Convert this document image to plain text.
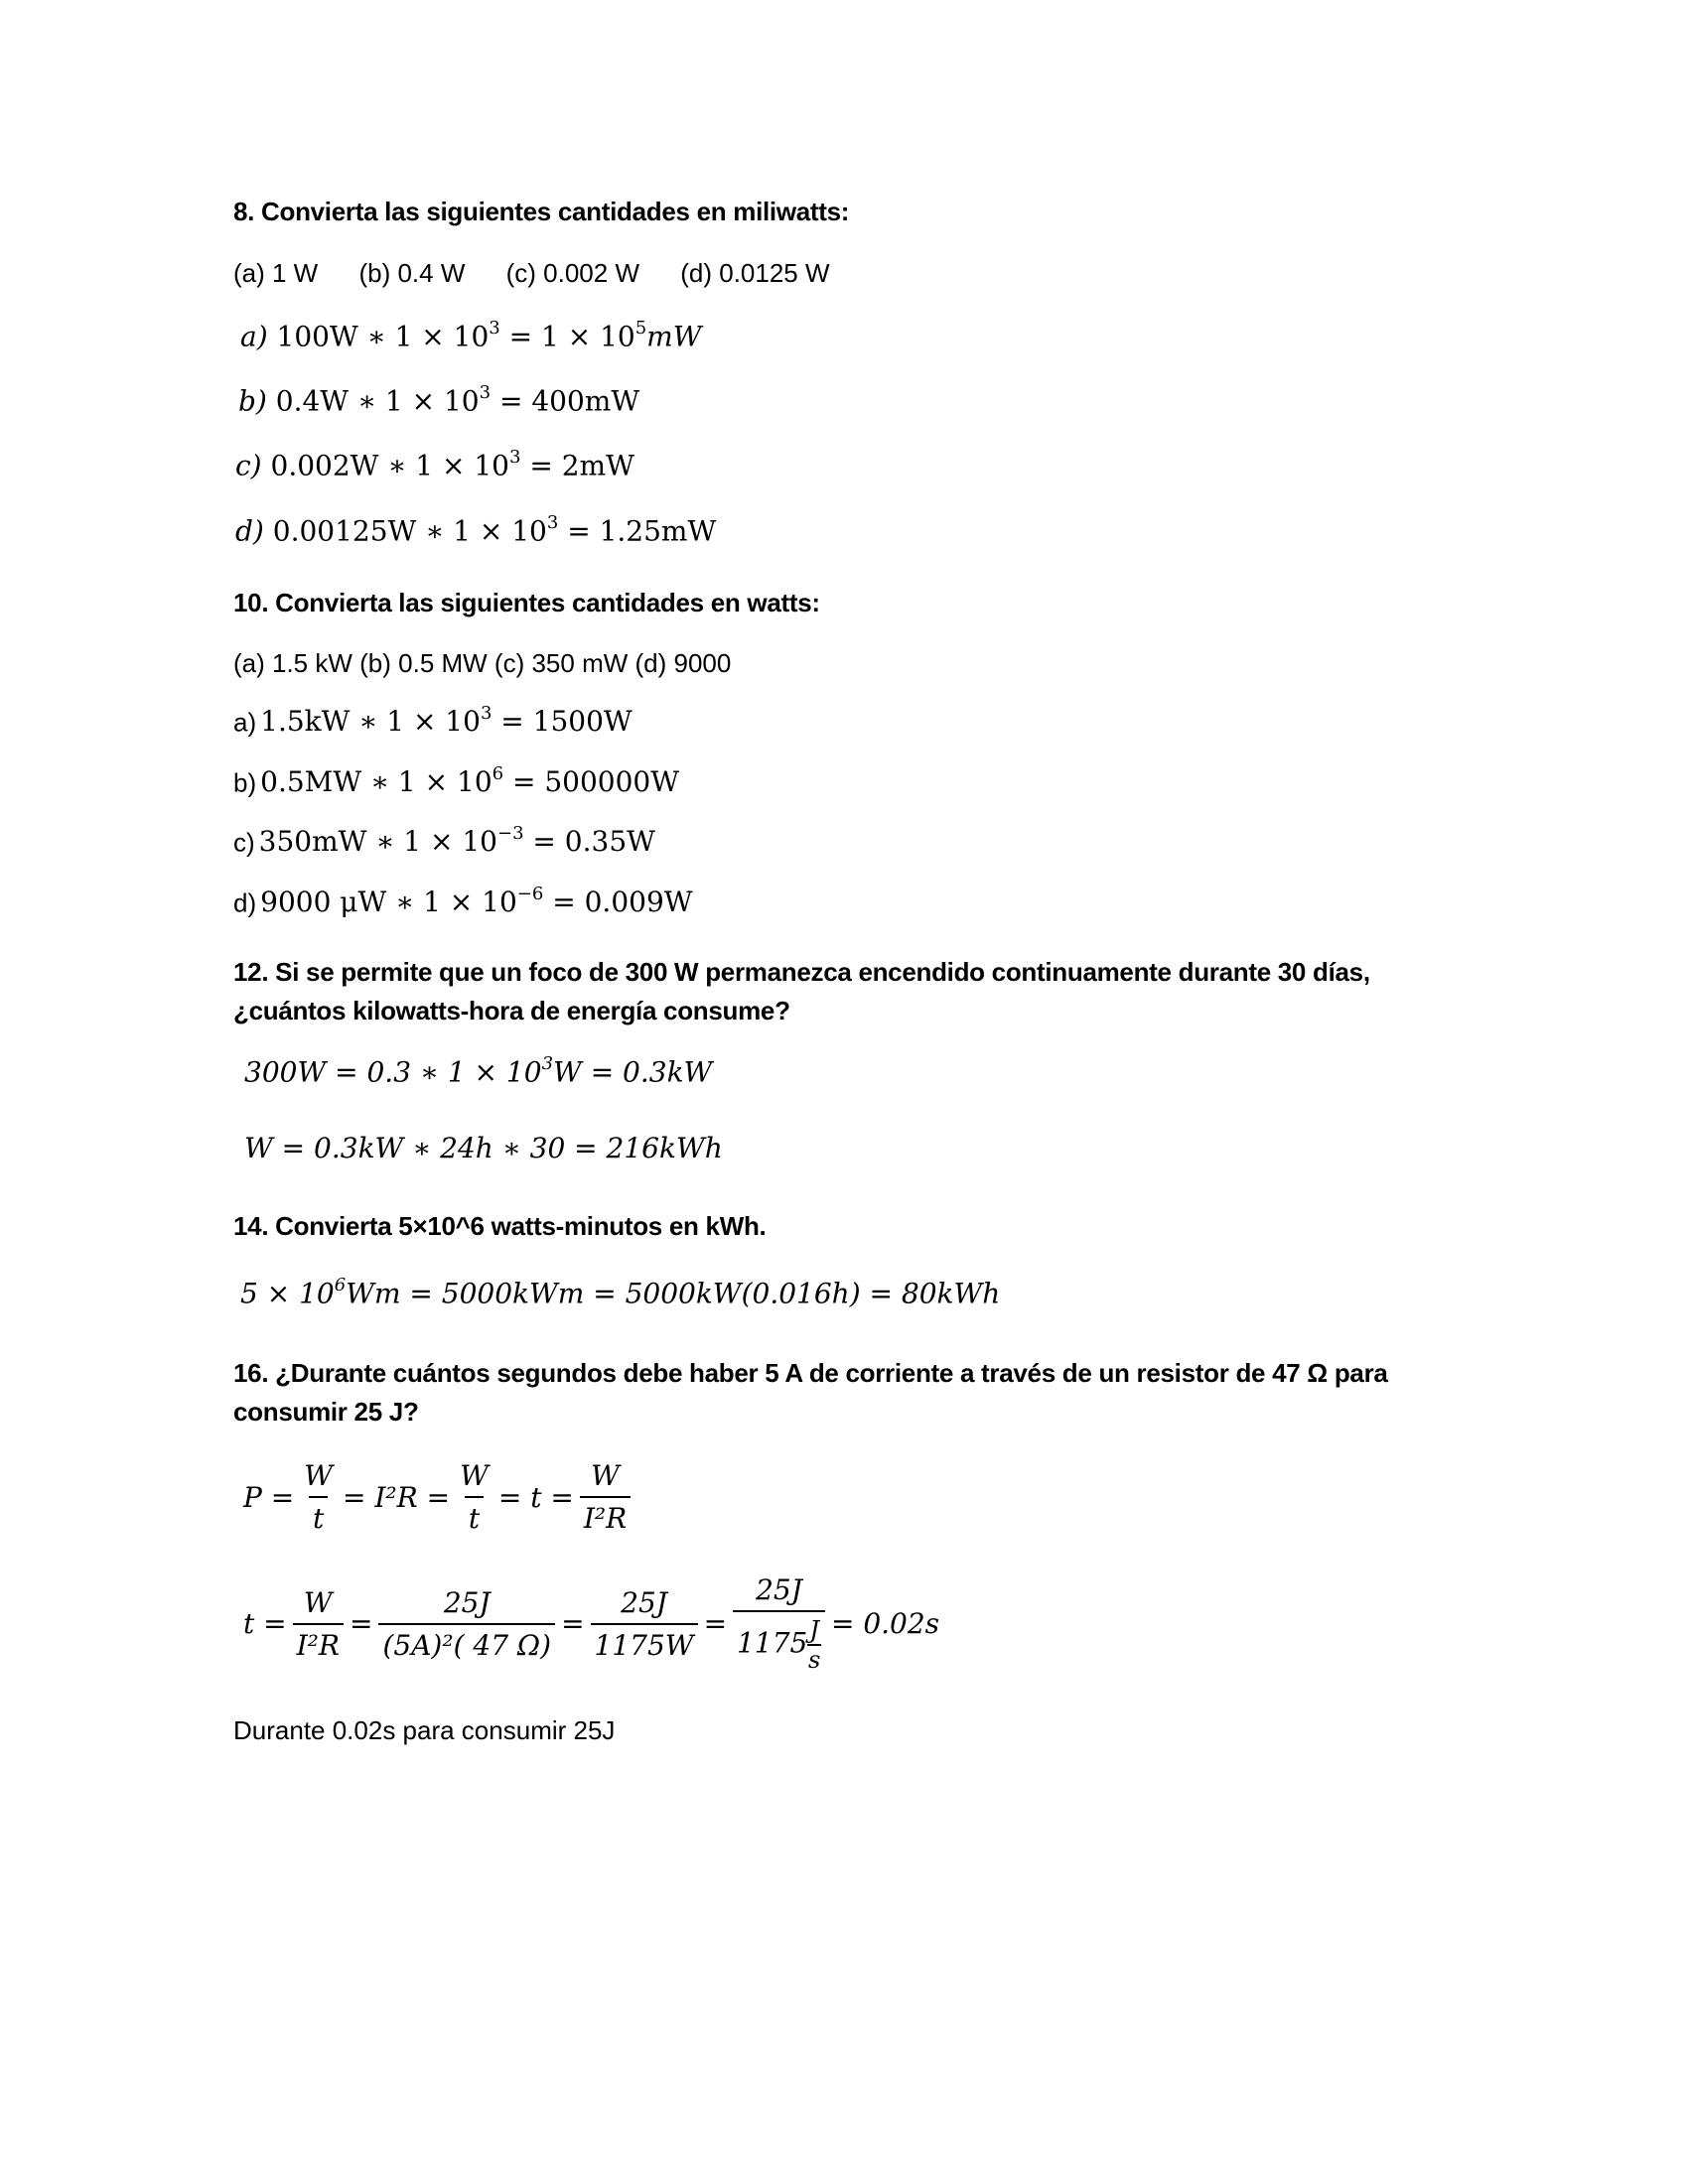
8. Convierta las siguientes cantidades en miliwatts:
(a) 1 W (b) 0.4 W (c) 0.002 W (d) 0.0125 W
a) 100W ∗ $1 \times 10^3 = 1 \times 10^5mW$
b) 0.4W ∗ $1 \times 10^3 = 400mW$
c) 0.002W ∗ $1 \times 10^3 = 2mW$
d) 0.00125W ∗ $1 \times 10^3 = 1.25mW$
10. Convierta las siguientes cantidades en watts:
(a) 1.5 kW (b) 0.5 MW (c) 350 mW (d) 9000
a) 1.5kW ∗ $1 \times 10^3 = 1500W$
b) 0.5MW ∗ $1 \times 10^6 = 500000W$
c) 350mW ∗ $1 \times 10^{-3} = 0.35W$
d) 9000 μW ∗ $1 \times 10^{-6} = 0.009W$
12. Si se permite que un foco de 300 W permanezca encendido continuamente durante 30 días,
¿cuántos kilowatts-hora de energía consume?
300W = 0.3 ∗ $1 \times 10^3W = 0.3kW$
W = 0.3kW ∗ 24h ∗ 30 = 216kWh
14. Convierta 5×10^6 watts-minutos en kWh.
$5 \times 10^6Wm = 5000kWm = 5000kW(0.016h) = 80kWh$
16. ¿Durante cuántos segundos debe haber 5 A de corriente a través de un resistor de 47 Ω para
consumir 25 J?
$P = \frac{W}{t} = I^2R = \frac{W}{t} = t = \frac{W}{\text{I²R}}$
$t = \frac{W}{\text{I²R}} = \frac{25J}{\text{(5A)²( 47 Ω)}} = \frac{25J}{1175W} = \frac{25J}{1175 \frac{J}{s}} = 0.02s$
Durante 0.02s para consumir 25J
